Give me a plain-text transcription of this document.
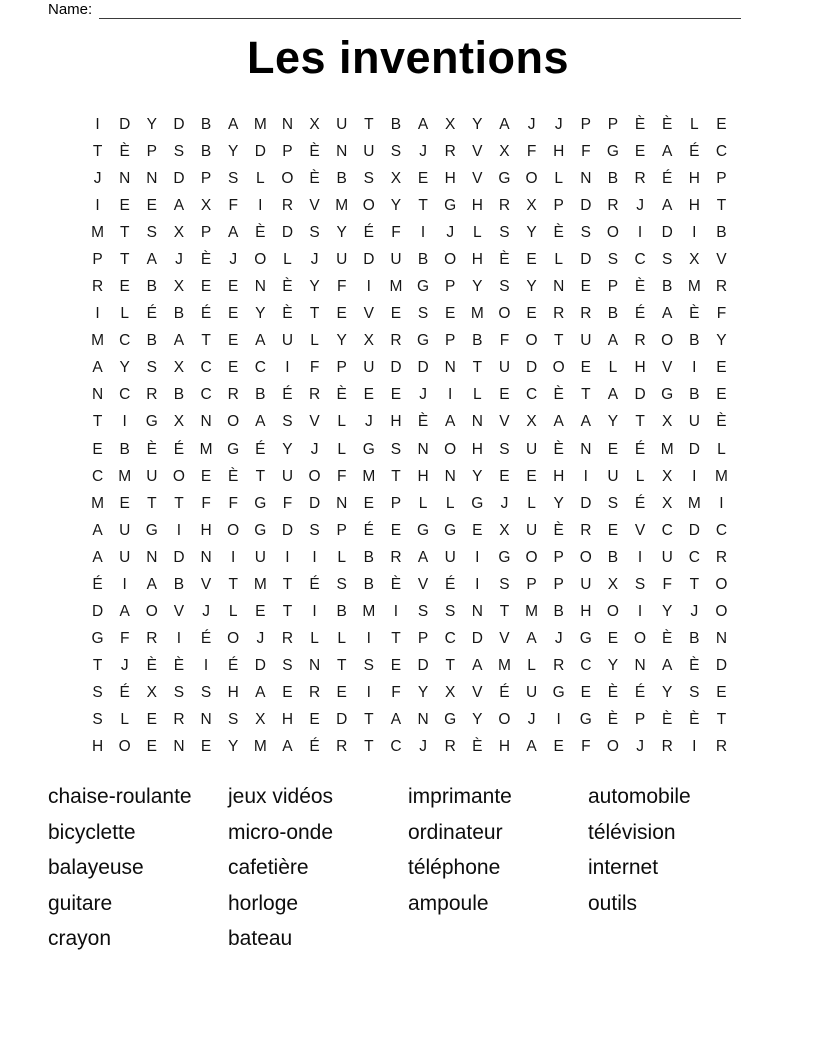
Name:
Les inventions
I	D	Y	D	B	A M N	X	U	T	B	A	X	Y	A	J	J	P	P	È	È	L	E
T	È	P	S	B	Y	D	P	È	N	U	S	J	R	V	X	F	H	F	G	E	A	É	C
J	N	N	D	P	S	L	O	È	B	S	X	E	H	V	G O	L	N	B	R	É	H	P
I	E	E	A	X	F	I	R	V M O	Y	T	G H	R	X	P	D	R	J	A	H	T
M	T	S	X	P	A	È	D	S	Y	É	F	I	J	L	S	Y	È	S	O	I	D	I	B
P	T	A	J	È	J	O	L	J	U	D	U	B	O H	È	E	L	D	S	C	S	X	V
R	E	B	X	E	E	N	È	Y	F	I	M G	P	Y	S	Y	N	E	P	È	B M R
I	L	É	B	É	E	Y	È	T	E	V	E	S	E M O	E	R	R	B	É	A	È	F
M C	B	A	T	E	A	U	L	Y	X	R	G	P	B	F	O	T	U	A	R	O	B	Y
A	Y	S	X	C	E	C	I	F	P	U	D	D	N	T	U	D	O	E	L	H	V	I	E
N	C	R	B	C	R	B	É	R	È	E	E	J	I	L	E	C	È	T	A	D	G	B	E
T	I	G	X	N	O	A	S	V	L	J	H	È	A	N	V	X	A	A	Y	T	X	U	È
E	B	È	É M G	É	Y	J	L	G	S	N	O H	S	U	È	N	E	É M D	L
C M U	O	E	È	T	U	O	F	M	T	H	N	Y	E	E	H	I	U	L	X	I	M
M	E	T	T	F	F	G	F	D	N	E	P	L	L	G	J	L	Y	D	S	É	X M	I
A	U	G	I	H	O G D	S	P	É	E	G G	E	X	U	È	R	E	V	C	D	C
A	U	N	D	N	I	U	I	I	L	B	R	A	U	I	G O	P	O	B	I	U	C	R
É	I	A	B	V	T	M	T	É	S	B	È	V	É	I	S	P	P	U	X	S	F	T	O
D	A	O	V	J	L	E	T	I	B M	I	S	S	N	T	M	B	H	O	I	Y	J	O
G	F	R	I	É	O	J	R	L	L	I	T	P	C	D	V	A	J	G	E	O	È	B	N
T	J	È	È	I	É	D	S	N	T	S	E	D	T	A M	L	R	C	Y	N	A	È	D
S	É	X	S	S	H	A	E	R	E	I	F	Y	X	V	É	U	G	E	È	É	Y	S	E
S	L	E	R	N	S	X	H	E	D	T	A	N	G	Y	O	J	I	G	È	P	È	È	T
H	O	E	N	E	Y M	A	É	R	T	C	J	R	È	H	A	E	F	O	J	R	I	R
chaise-roulante
bicyclette
balayeuse
guitare
crayon
jeux vidéos
micro-onde
cafetière
horloge
bateau
imprimante
ordinateur
téléphone
ampoule
automobile
télévision
internet
outils
